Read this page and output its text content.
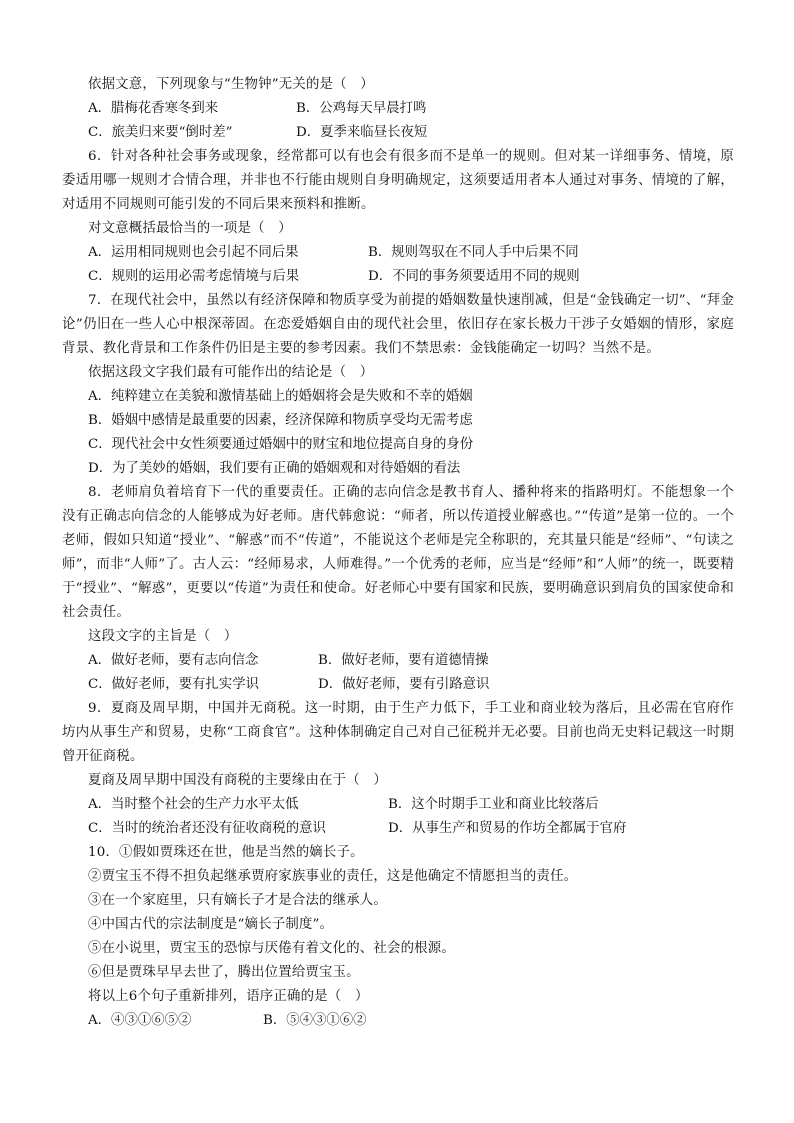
依据文意，下列现象与“生物钟”无关的是（　）

A．腊梅花香寒冬到来	B．公鸡每天早晨打鸣
C．旅美归来要“倒时差”	D．夏季来临昼长夜短

6．针对各种社会事务或现象，经常都可以有也会有很多而不是单一的规则。但对某一详细事务、情境，原委适用哪一规则才合情合理，并非也不行能由规则自身明确规定，这须要适用者本人通过对事务、情境的了解，对适用不同规则可能引发的不同后果来预料和推断。

对文意概括最恰当的一项是（　）

A．运用相同规则也会引起不同后果	B．规则驾驭在不同人手中后果不同
C．规则的运用必需考虑情境与后果	D．不同的事务须要适用不同的规则

7．在现代社会中，虽然以有经济保障和物质享受为前提的婚姻数量快速削减，但是“金钱确定一切”、“拜金论”仍旧在一些人心中根深蒂固。在恋爱婚姻自由的现代社会里，依旧存在家长极力干涉子女婚姻的情形，家庭背景、教化背景和工作条件仍旧是主要的参考因素。我们不禁思索：金钱能确定一切吗？当然不是。

依据这段文字我们最有可能作出的结论是（　）

A．纯粹建立在美貌和激情基础上的婚姻将会是失败和不幸的婚姻
B．婚姻中感情是最重要的因素，经济保障和物质享受均无需考虑
C．现代社会中女性须要通过婚姻中的财宝和地位提高自身的身份
D．为了美妙的婚姻，我们要有正确的婚姻观和对待婚姻的看法

8．老师肩负着培育下一代的重要责任。正确的志向信念是教书育人、播种将来的指路明灯。不能想象一个没有正确志向信念的人能够成为好老师。唐代韩愈说：“师者，所以传道授业解惑也。”“传道”是第一位的。一个老师，假如只知道“授业”、“解惑”而不“传道”，不能说这个老师是完全称职的，充其量只能是“经师”、“句读之师”，而非“人师”了。古人云：“经师易求，人师难得。”一个优秀的老师，应当是“经师”和“人师”的统一，既要精于“授业”、“解惑”，更要以“传道”为责任和使命。好老师心中要有国家和民族，要明确意识到肩负的国家使命和社会责任。

这段文字的主旨是（　）

A．做好老师，要有志向信念	B．做好老师，要有道德情操
C．做好老师，要有扎实学识	D．做好老师，要有引路意识

9．夏商及周早期，中国并无商税。这一时期，由于生产力低下，手工业和商业较为落后，且必需在官府作坊内从事生产和贸易，史称“工商食官”。这种体制确定自己对自己征税并无必要。目前也尚无史料记载这一时期曾开征商税。

夏商及周早期中国没有商税的主要缘由在于（　）

A．当时整个社会的生产力水平太低	B．这个时期手工业和商业比较落后
C．当时的统治者还没有征收商税的意识	D．从事生产和贸易的作坊全都属于官府

10．①假如贾珠还在世，他是当然的嫡长子。

②贾宝玉不得不担负起继承贾府家族事业的责任，这是他确定不情愿担当的责任。

③在一个家庭里，只有嫡长子才是合法的继承人。

④中国古代的宗法制度是“嫡长子制度”。

⑤在小说里，贾宝玉的恐惊与厌倦有着文化的、社会的根源。

⑥但是贾珠早早去世了，腾出位置给贾宝玉。

将以上6个句子重新排列，语序正确的是（　）

A．④③①⑥⑤②	B．⑤④③①⑥②
